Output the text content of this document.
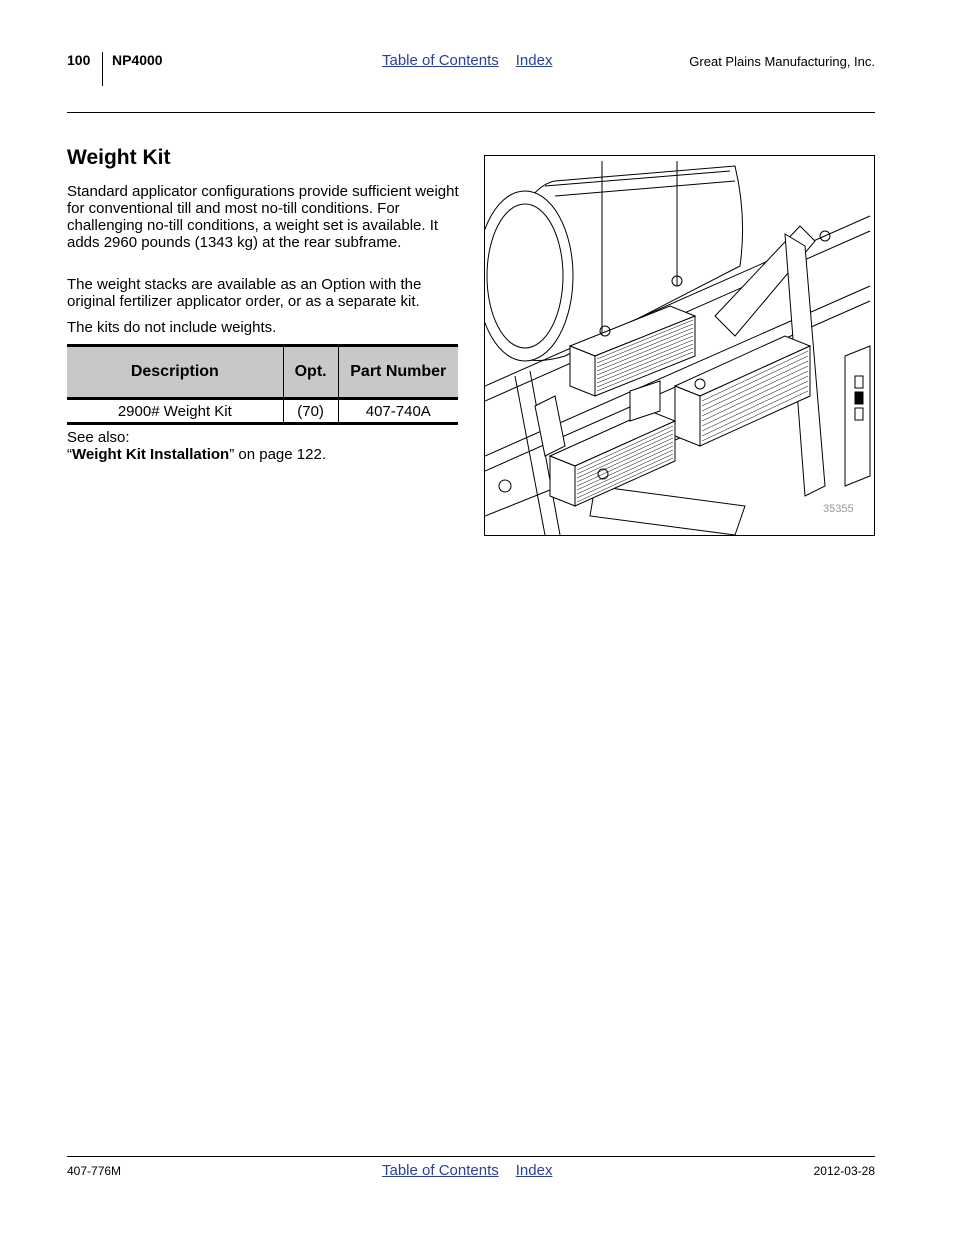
100 NP4000	Table of Contents Index	Great Plains Manufacturing, Inc.
Weight Kit

Standard applicator configurations provide sufficient weight for conventional till and most no-till conditions. For challenging no-till conditions, a weight set is available. It adds 2960 pounds (1343 kg) at the rear subframe.

The weight stacks are available as an Option with the original fertilizer applicator order, or as a separate kit.

The kits do not include weights.

Description	Opt.	Part Number
2900# Weight Kit	(70)	407-740A

See also:
“Weight Kit Installation” on page 122.

35355
407-776M	Table of Contents Index	2012-03-28
